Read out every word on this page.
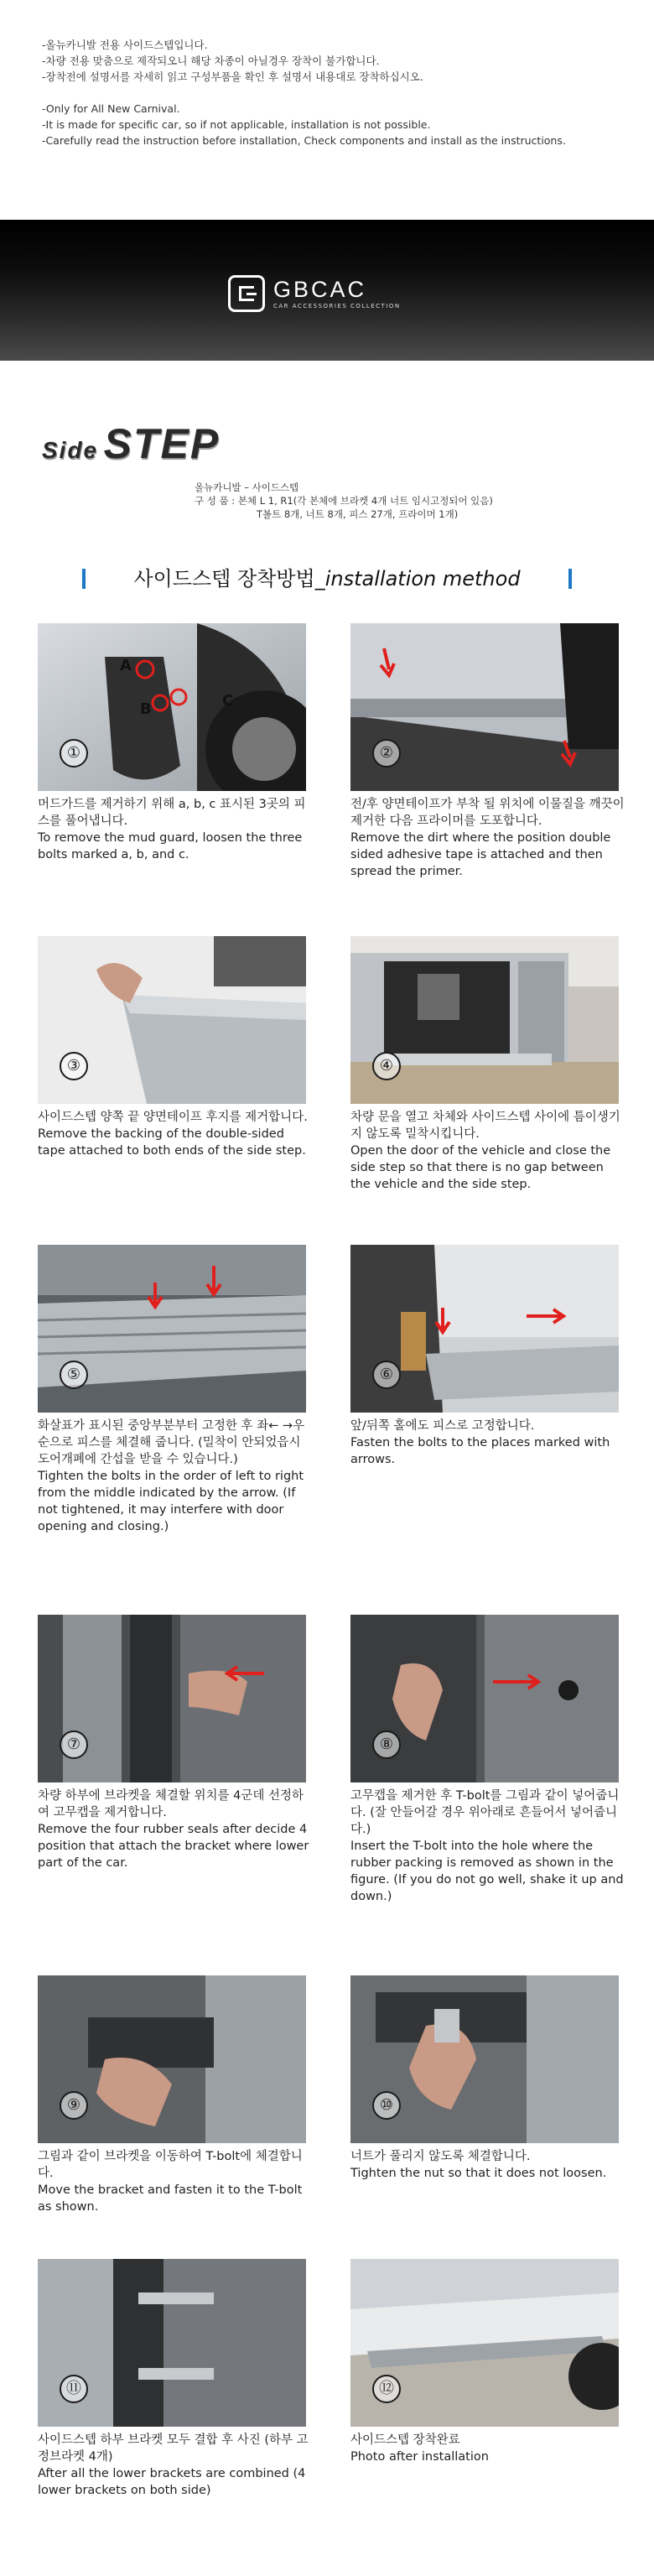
-올뉴카니발 전용 사이드스텝입니다.
-차량 전용 맞춤으로 제작되오니 해당 차종이 아닐경우 장착이 불가합니다.
-장착전에 설명서를 자세히 읽고 구성부품을 확인 후 설명서 내용대로 장착하십시오.
-Only for All New Carnival.
-It is made for specific car, so if not applicable, installation is not possible.
-Carefully read the instruction before installation, Check components and install as the instructions.
GBCAC
CAR ACCESSORIES COLLECTION
Side STEP
올뉴카니발 – 사이드스텝
구 성 품 : 본체 L 1, R1(각 본체에 브라켓 4개 너트 임시고정되어 있음)
T볼트 8개, 너트 8개, 피스 27개, 프라이머 1개)
사이드스텝 장착방법_installation method
A
B	C
①
머드가드를 제거하기 위해 a, b, c 표시된 3곳의 피스를 풀어냅니다.
To remove the mud guard, loosen the three bolts marked a, b, and c.
②
전/후 양면테이프가 부착 될 위치에 이물질을 깨끗이 제거한 다음 프라이머를 도포합니다.
Remove the dirt where the position double sided adhesive tape is attached and then spread the primer.
③
사이드스텝 양쪽 끝 양면테이프 후지를 제거합니다.
Remove the backing of the double-sided tape attached to both ends of the side step.
④
차량 문을 열고 차체와 사이드스텝 사이에 틈이생기지 않도록 밀착시킵니다.
Open the door of the vehicle and close the side step so that there is no gap between the vehicle and the side step.
⑤
화살표가 표시된 중앙부분부터 고정한 후 좌← →우 순으로 피스를 체결해 줍니다. (밀착이 안되었읍시 도어개폐에 간섭을 받을 수 있습니다.)
Tighten the bolts in the order of left to right from the middle indicated by the arrow. (If not tightened, it may interfere with door opening and closing.)
⑥
앞/뒤쪽 홀에도 피스로 고정합니다.
Fasten the bolts to the places marked with arrows.
⑦
차량 하부에 브라켓을 체결할 위치를 4군데 선정하여 고무캡을 제거합니다.
Remove the four rubber seals after decide 4 position that attach the bracket where lower part of the car.
⑧
고무캡을 제거한 후 T-bolt를 그림과 같이 넣어줍니다. (잘 안들어갈 경우 위아래로 흔들어서 넣어줍니다.)
Insert the T-bolt into the hole where the rubber packing is removed as shown in the figure. (If you do not go well, shake it up and down.)
⑨
그림과 같이 브라켓을 이동하여 T-bolt에 체결합니다.
Move the bracket and fasten it to the T-bolt as shown.
⑩
너트가 풀리지 않도록 체결합니다.
Tighten the nut so that it does not loosen.
⑪
사이드스텝 하부 브라켓 모두 결합 후 사진 (하부 고정브라켓 4개)
After all the lower brackets are combined (4 lower brackets on both side)
⑫
사이드스텝 장착완료
Photo after installation
